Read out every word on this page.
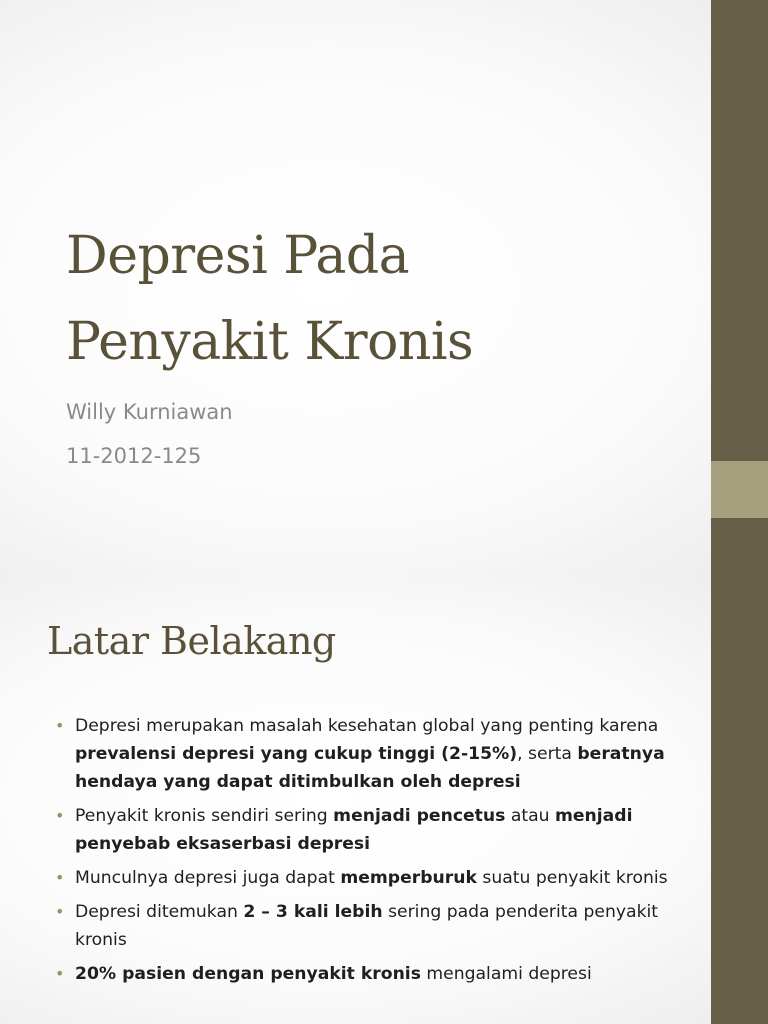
Depresi Pada
Penyakit Kronis
Willy Kurniawan
11-2012-125
Latar Belakang
• Depresi merupakan masalah kesehatan global yang penting karena prevalensi depresi yang cukup tinggi (2-15%), serta beratnya hendaya yang dapat ditimbulkan oleh depresi
• Penyakit kronis sendiri sering menjadi pencetus atau menjadi penyebab eksaserbasi depresi
• Munculnya depresi juga dapat memperburuk suatu penyakit kronis
• Depresi ditemukan 2 – 3 kali lebih sering pada penderita penyakit kronis
• 20% pasien dengan penyakit kronis mengalami depresi
